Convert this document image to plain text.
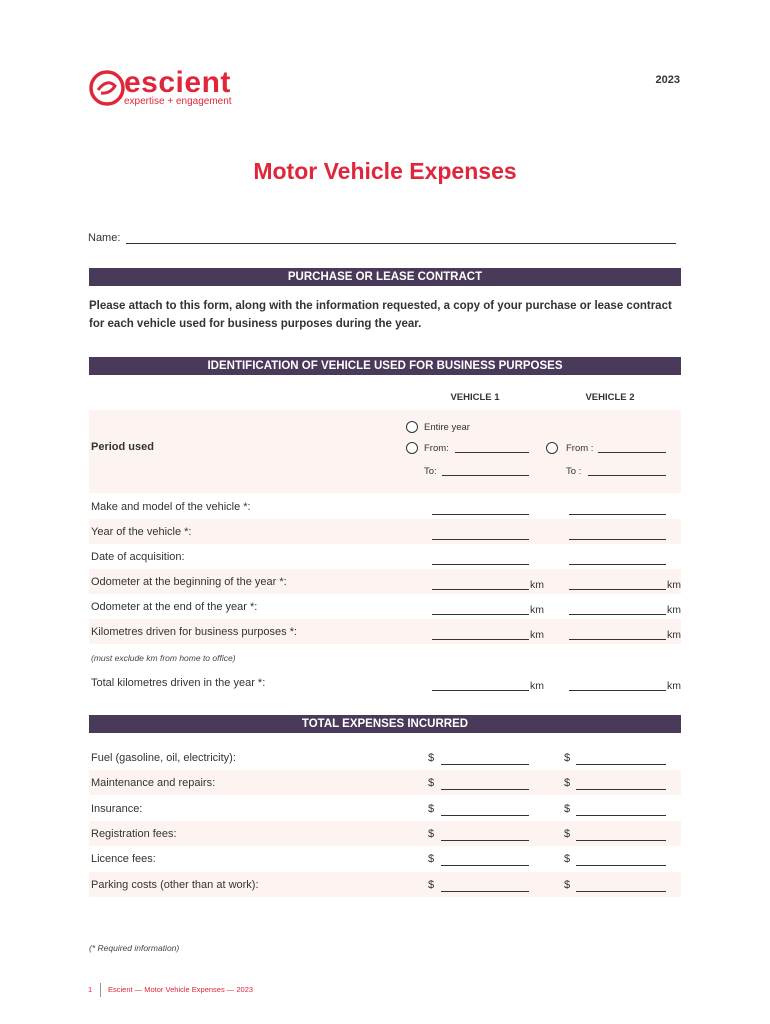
escient
expertise + engagement
2023
Motor Vehicle Expenses
Name:
PURCHASE OR LEASE CONTRACT
Please attach to this form, along with the information requested, a copy of your purchase or lease contract for each vehicle used for business purposes during the year.
IDENTIFICATION OF VEHICLE USED FOR BUSINESS PURPOSES
VEHICLE 1	VEHICLE 2
Period used
Entire year
From:	From :
To:	To :
Make and model of the vehicle *:
Year of the vehicle *:
Date of acquisition:
Odometer at the beginning of the year *:	km	km
Odometer at the end of the year *:	km	km
Kilometres driven for business purposes *:	km	km
(must exclude km from home to office)
Total kilometres driven in the year *:	km	km
TOTAL EXPENSES INCURRED
Fuel (gasoline, oil, electricity):	$	$
Maintenance and repairs:	$	$
Insurance:	$	$
Registration fees:	$	$
Licence fees:	$	$
Parking costs (other than at work):	$	$
(* Required information)
1 Escient — Motor Vehicle Expenses — 2023
